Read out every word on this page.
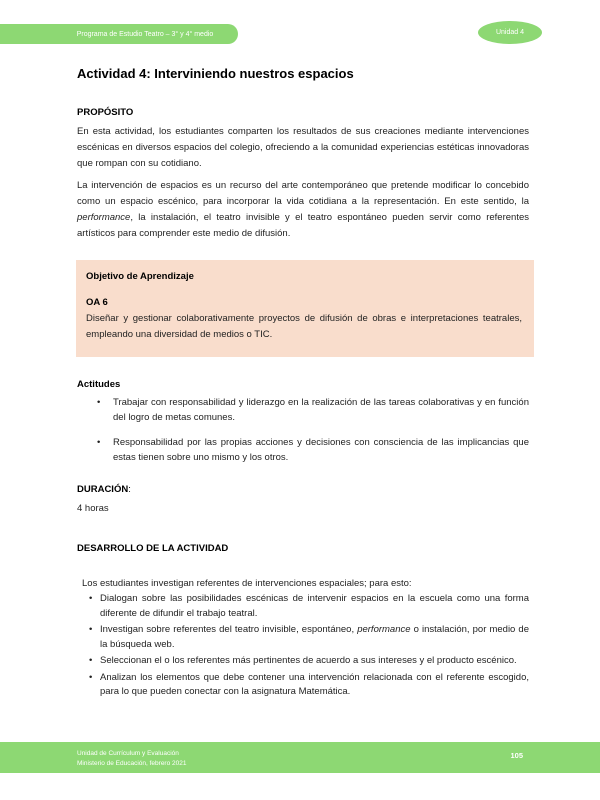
Programa de Estudio Teatro – 3° y 4° medio	Unidad 4
Actividad 4: Interviniendo nuestros espacios
PROPÓSITO

En esta actividad, los estudiantes comparten los resultados de sus creaciones mediante intervenciones escénicas en diversos espacios del colegio, ofreciendo a la comunidad experiencias estéticas innovadoras que rompan con su cotidiano.

La intervención de espacios es un recurso del arte contemporáneo que pretende modificar lo concebido como un espacio escénico, para incorporar la vida cotidiana a la representación. En este sentido, la performance, la instalación, el teatro invisible y el teatro espontáneo pueden servir como referentes artísticos para comprender este medio de difusión.

Objetivo de Aprendizaje
OA 6

Diseñar y gestionar colaborativamente proyectos de difusión de obras e interpretaciones teatrales, empleando una diversidad de medios o TIC.

Actitudes
•	Trabajar con responsabilidad y liderazgo en la realización de las tareas colaborativas y en función del logro de metas comunes.
•	Responsabilidad por las propias acciones y decisiones con consciencia de las implicancias que estas tienen sobre uno mismo y los otros.
DURACIÓN:

4 horas

DESARROLLO DE LA ACTIVIDAD

Los estudiantes investigan referentes de intervenciones espaciales; para esto:

• Dialogan sobre las posibilidades escénicas de intervenir espacios en la escuela como una forma diferente de difundir el trabajo teatral.
• Investigan sobre referentes del teatro invisible, espontáneo, performance o instalación, por medio de la búsqueda web.
• Seleccionan el o los referentes más pertinentes de acuerdo a sus intereses y el producto escénico.
• Analizan los elementos que debe contener una intervención relacionada con el referente escogido, para lo que pueden conectar con la asignatura Matemática.
Unidad de Currículum y Evaluación
Ministerio de Educación, febrero 2021
105
